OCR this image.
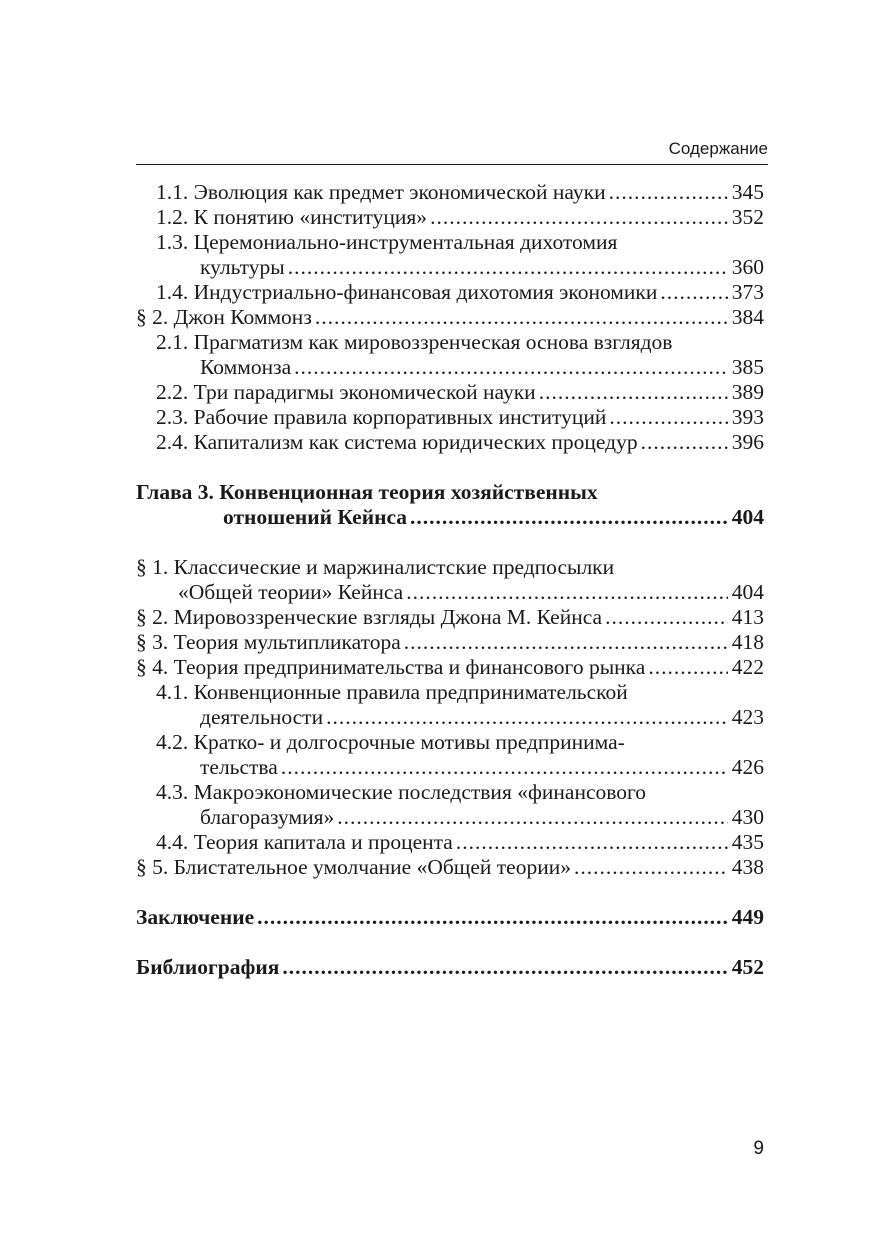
Содержание
1.1. Эволюция как предмет экономической науки .....	345
1.2. К понятию «институция» .....	352
1.3. Церемониально-инструментальная дихотомия
культуры .....	360
1.4. Индустриально-финансовая дихотомия экономики .....	373
§ 2. Джон Коммонз .....	384
2.1. Прагматизм как мировоззренческая основа взглядов
Коммонза .....	385
2.2. Три парадигмы экономической науки .....	389
2.3. Рабочие правила корпоративных институций .....	393
2.4. Капитализм как система юридических процедур .....	396
Глава 3. Конвенционная теория хозяйственных
отношений Кейнса .....	404
§ 1. Классические и маржиналистские предпосылки
«Общей теории» Кейнса .....	404
§ 2. Мировоззренческие взгляды Джона М. Кейнса .....	413
§ 3. Теория мультипликатора .....	418
§ 4. Теория предпринимательства и финансового рынка .....	422
4.1. Конвенционные правила предпринимательской
деятельности .....	423
4.2. Кратко- и долгосрочные мотивы предпринима-
тельства .....	426
4.3. Макроэкономические последствия «финансового
благоразумия» .....	430
4.4. Теория капитала и процента .....	435
§ 5. Блистательное умолчание «Общей теории» .....	438
Заключение .....	449
Библиография .....	452
9
